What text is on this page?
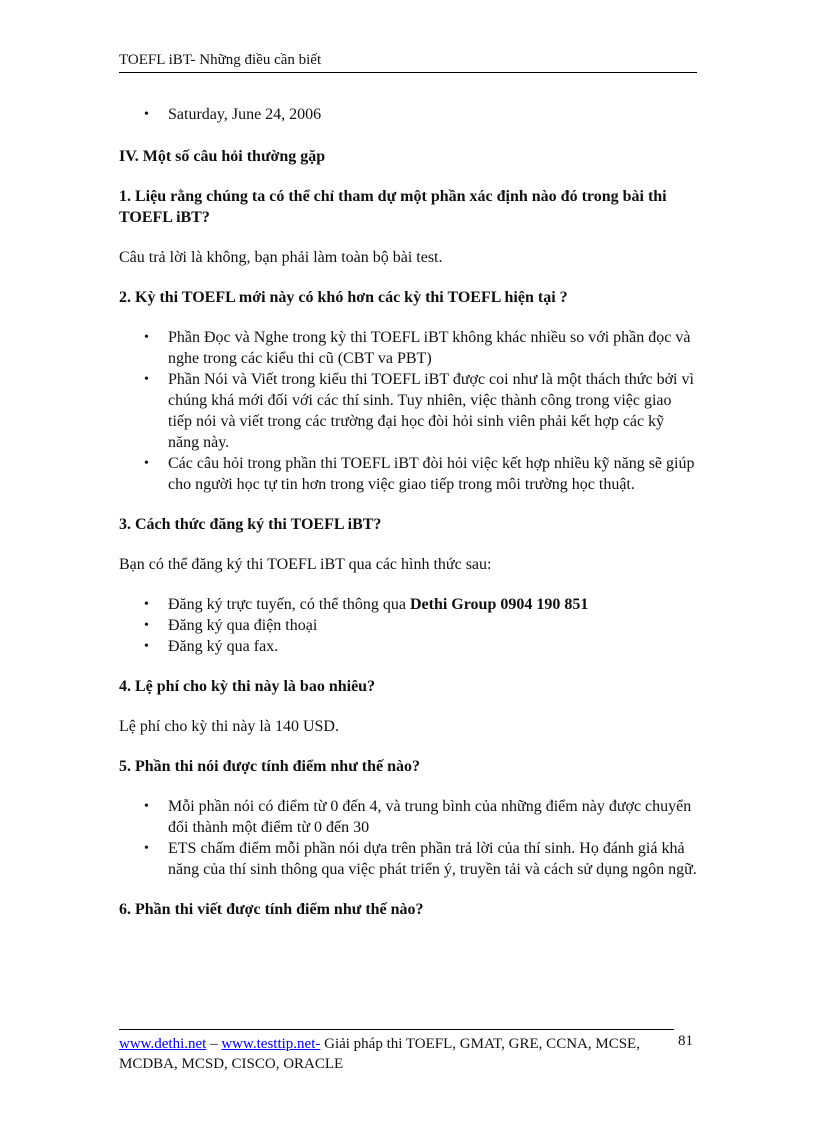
TOEFL iBT- Những điều cần biết
• Saturday, June 24, 2006

IV. Một số câu hỏi thường gặp

1. Liệu rằng chúng ta có thể chỉ tham dự một phần xác định nào đó trong bài thi TOEFL iBT?

Câu trả lời là không, bạn phải làm toàn bộ bài test.

2. Kỳ thi TOEFL mới này có khó hơn các kỳ thi TOEFL hiện tại ?

• Phần Đọc và Nghe trong kỳ thi TOEFL iBT không khác nhiều so với phần đọc và nghe trong các kiểu thi cũ (CBT va PBT)
• Phần Nói và Viết trong kiểu thi TOEFL iBT được coi như là một thách thức bởi vì chúng khá mới đối với các thí sinh. Tuy nhiên, việc thành công trong việc giao tiếp nói và viết trong các trường đại học đòi hỏi sinh viên phải kết hợp các kỹ năng này.
• Các câu hỏi trong phần thi TOEFL iBT đòi hỏi việc kết hợp nhiều kỹ năng sẽ giúp cho người học tự tin hơn trong việc giao tiếp trong môi trường học thuật.

3. Cách thức đăng ký thi TOEFL iBT?

Bạn có thể đăng ký thi TOEFL iBT qua các hình thức sau:

• Đăng ký trực tuyến, có thể thông qua Dethi Group 0904 190 851
• Đăng ký qua điện thoại
• Đăng ký qua fax.

4. Lệ phí cho kỳ thi này là bao nhiêu?

Lệ phí cho kỳ thi này là 140 USD.

5. Phần thi nói được tính điểm như thế nào?

• Mỗi phần nói có điểm từ 0 đến 4, và trung bình của những điểm này được chuyển đổi thành một điểm từ 0 đến 30
• ETS chấm điểm mỗi phần nói dựa trên phần trả lời của thí sinh. Họ đánh giá khả năng của thí sinh thông qua việc phát triển ý, truyền tải và cách sử dụng ngôn ngữ.

6. Phần thi viết được tính điểm như thế nào?

www.dethi.net – www.testtip.net- Giải pháp thi TOEFL, GMAT, GRE, CCNA, MCSE, MCDBA, MCSD, CISCO, ORACLE
81
